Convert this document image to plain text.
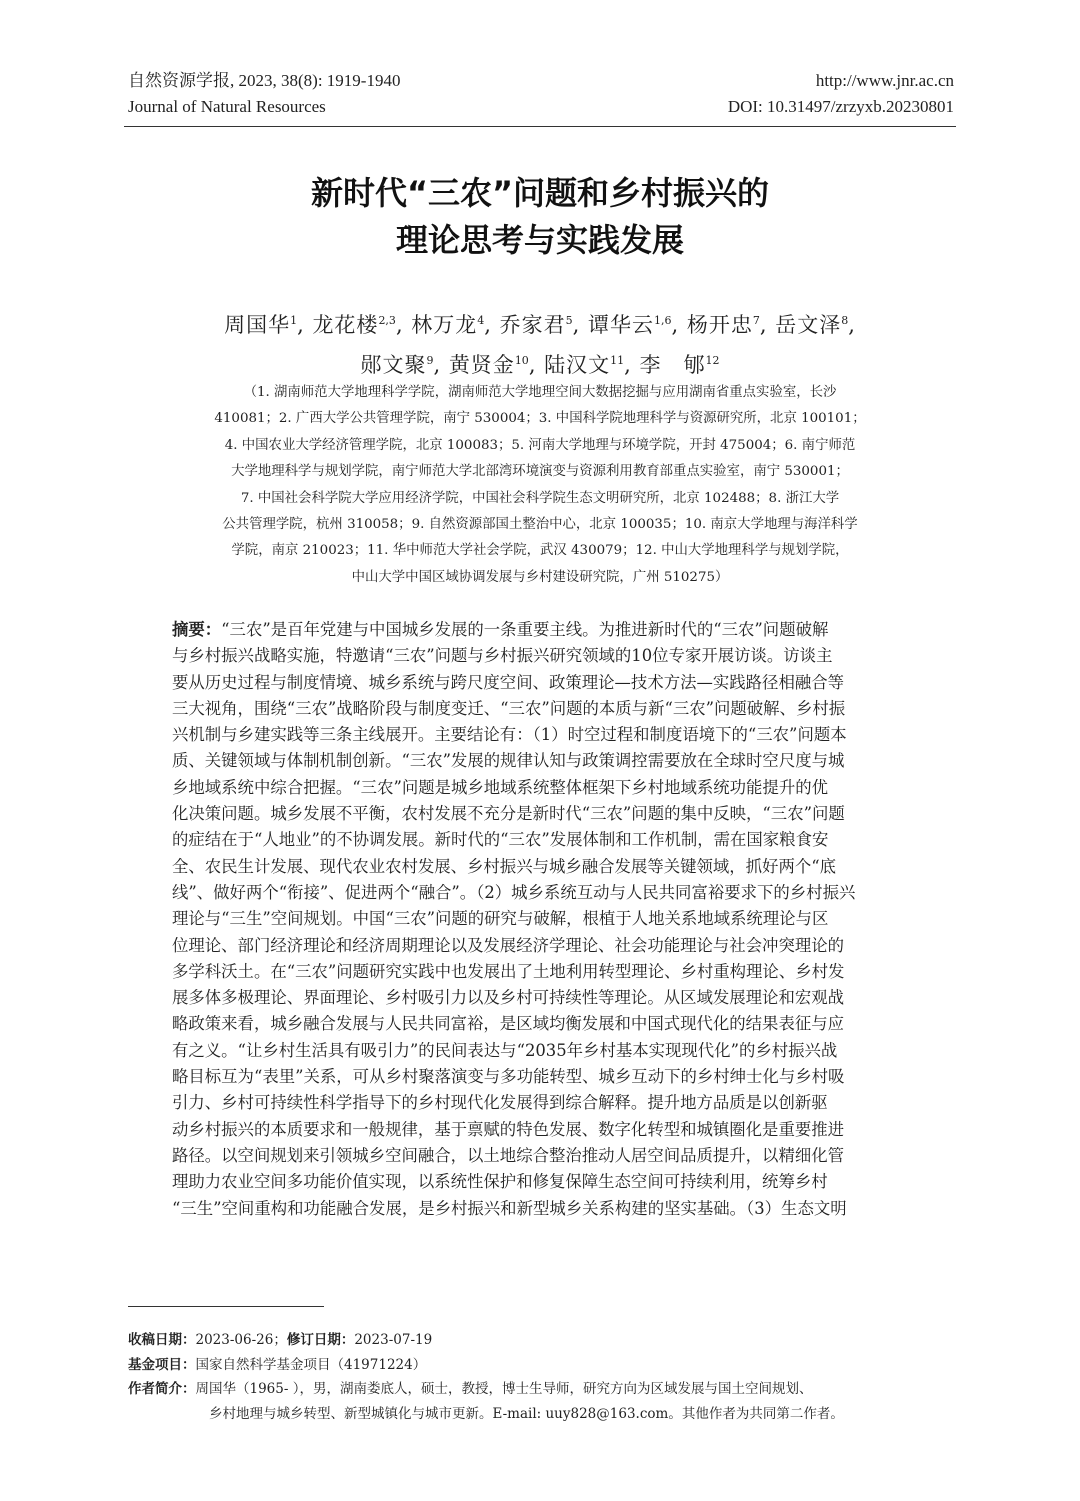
自然资源学报, 2023, 38(8): 1919-1940
Journal of Natural Resources
http://www.jnr.ac.cn
DOI: 10.31497/zrzyxb.20230801
新时代“三农”问题和乡村振兴的
理论思考与实践发展
周国华$^1$, 龙花楼$^{2,3}$, 林万龙$^4$, 乔家君$^5$, 谭华云$^{1,6}$, 杨开忠$^7$, 岳文泽$^8$,
郧文聚$^9$, 黄贤金$^{10}$, 陆汉文$^{11}$, 李　郇$^{12}$
（1. 湖南师范大学地理科学学院，湖南师范大学地理空间大数据挖掘与应用湖南省重点实验室，长沙
410081；2. 广西大学公共管理学院，南宁 530004；3. 中国科学院地理科学与资源研究所，北京 100101；
4. 中国农业大学经济管理学院，北京 100083；5. 河南大学地理与环境学院，开封 475004；6. 南宁师范
大学地理科学与规划学院，南宁师范大学北部湾环境演变与资源利用教育部重点实验室，南宁 530001；
7. 中国社会科学院大学应用经济学院，中国社会科学院生态文明研究所，北京 102488；8. 浙江大学
公共管理学院，杭州 310058；9. 自然资源部国土整治中心，北京 100035；10. 南京大学地理与海洋科学
学院，南京 210023；11. 华中师范大学社会学院，武汉 430079；12. 中山大学地理科学与规划学院，
中山大学中国区域协调发展与乡村建设研究院，广州 510275）
摘要：“三农”是百年党建与中国城乡发展的一条重要主线。为推进新时代的“三农”问题破解
与乡村振兴战略实施，特邀请“三农”问题与乡村振兴研究领域的10位专家开展访谈。访谈主
要从历史过程与制度情境、城乡系统与跨尺度空间、政策理论—技术方法—实践路径相融合等
三大视角，围绕“三农”战略阶段与制度变迁、“三农”问题的本质与新“三农”问题破解、乡村振
兴机制与乡建实践等三条主线展开。主要结论有：（1）时空过程和制度语境下的“三农”问题本
质、关键领域与体制机制创新。“三农”发展的规律认知与政策调控需要放在全球时空尺度与城
乡地域系统中综合把握。“三农”问题是城乡地域系统整体框架下乡村地域系统功能提升的优
化决策问题。城乡发展不平衡，农村发展不充分是新时代“三农”问题的集中反映，“三农”问题
的症结在于“人地业”的不协调发展。新时代的“三农”发展体制和工作机制，需在国家粮食安
全、农民生计发展、现代农业农村发展、乡村振兴与城乡融合发展等关键领域，抓好两个“底
线”、做好两个“衔接”、促进两个“融合”。（2）城乡系统互动与人民共同富裕要求下的乡村振兴
理论与“三生”空间规划。中国“三农”问题的研究与破解，根植于人地关系地域系统理论与区
位理论、部门经济理论和经济周期理论以及发展经济学理论、社会功能理论与社会冲突理论的
多学科沃土。在“三农”问题研究实践中也发展出了土地利用转型理论、乡村重构理论、乡村发
展多体多极理论、界面理论、乡村吸引力以及乡村可持续性等理论。从区域发展理论和宏观战
略政策来看，城乡融合发展与人民共同富裕，是区域均衡发展和中国式现代化的结果表征与应
有之义。“让乡村生活具有吸引力”的民间表达与“2035年乡村基本实现现代化”的乡村振兴战
略目标互为“表里”关系，可从乡村聚落演变与多功能转型、城乡互动下的乡村绅士化与乡村吸
引力、乡村可持续性科学指导下的乡村现代化发展得到综合解释。提升地方品质是以创新驱
动乡村振兴的本质要求和一般规律，基于禀赋的特色发展、数字化转型和城镇圈化是重要推进
路径。以空间规划来引领城乡空间融合，以土地综合整治推动人居空间品质提升，以精细化管
理助力农业空间多功能价值实现，以系统性保护和修复保障生态空间可持续利用，统筹乡村
“三生”空间重构和功能融合发展，是乡村振兴和新型城乡关系构建的坚实基础。（3）生态文明
收稿日期：2023-06-26；修订日期：2023-07-19
基金项目：国家自然科学基金项目（41971224）
作者简介：周国华（1965- ），男，湖南娄底人，硕士，教授，博士生导师，研究方向为区域发展与国土空间规划、
乡村地理与城乡转型、新型城镇化与城市更新。E-mail: uuy828@163.com。其他作者为共同第二作者。
